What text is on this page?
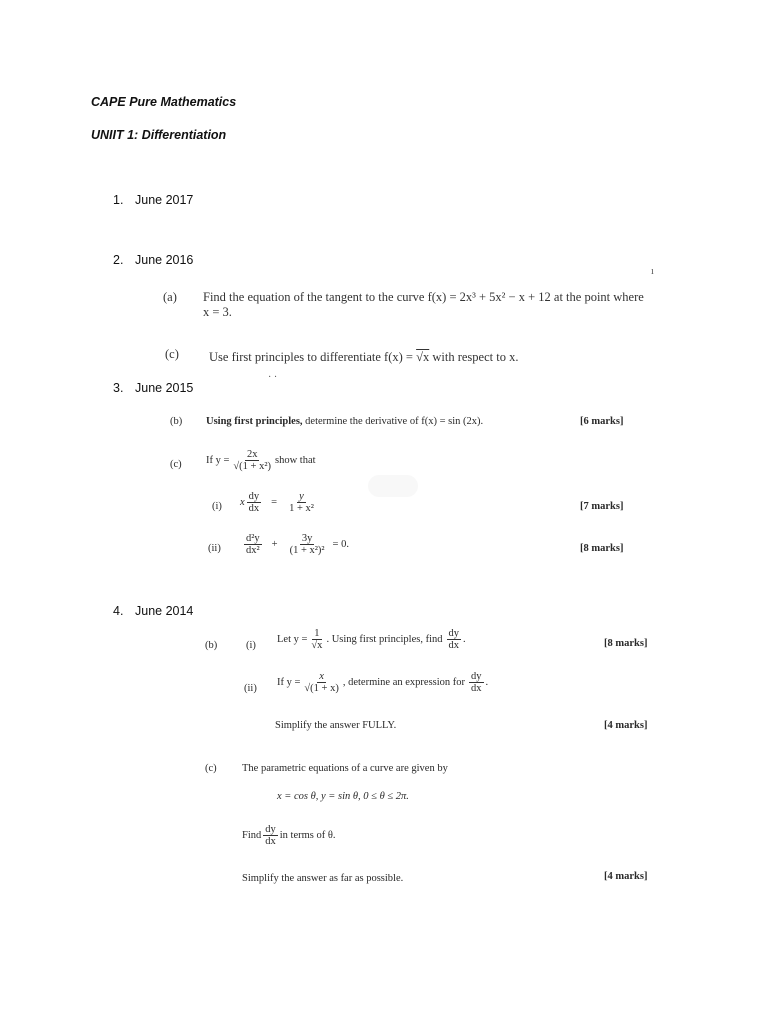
CAPE Pure Mathematics
UNIIT 1: Differentiation
1. June 2017
2. June 2016
3. June 2015
4. June 2014
ı
(a) Find the equation of the tangent to the curve f(x) = 2x³ + 5x² − x + 12 at the point where
x = 3.
(c) Use first principles to differentiate f(x) = √x with respect to x.
· ·
(b) Using first principles, determine the derivative of f(x) = sin (2x).	[6 marks]
(c) If $y = \frac{2x}{\text{√(1 + x²)}}$ show that
(i) x $\frac{dy}{dx} = \frac{y}{\text{1 + x²}}$	[7 marks]
$(ii) \frac{\text{d²y}}{\text{dx²}} + \frac{3y}{\text{(1 + x²)²}} = 0$.	[8 marks]
(b)	(i)
Let $y = \frac{1}{√x}$ . Using first principles, find $\frac{dy}{dx}$ .	[8 marks]
(ii)
If $y = \frac{x}{√(1 + x)}$ , determine an expression for $\frac{dy}{dx}$ .
Simplify the answer FULLY.	[4 marks]
(c) The parametric equations of a curve are given by
x = cos θ, y = sin θ, 0 ≤ θ ≤ 2π.
Find $\frac{dy}{dx}$ in terms of θ.
Simplify the answer as far as possible.	[4 marks]
